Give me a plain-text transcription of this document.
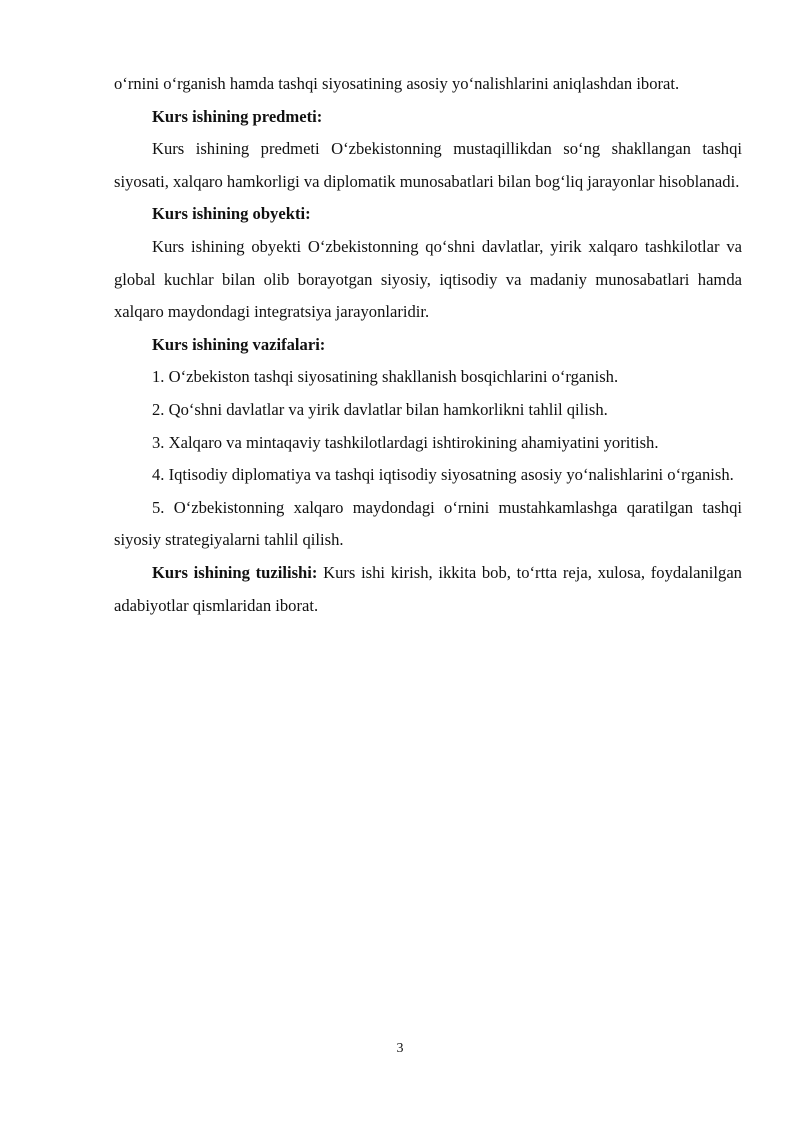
o‘rnini o‘rganish hamda tashqi siyosatining asosiy yo‘nalishlarini aniqlashdan iborat.

Kurs ishining predmeti:

Kurs ishining predmeti O‘zbekistonning mustaqillikdan so‘ng shakllangan tashqi siyosati, xalqaro hamkorligi va diplomatik munosabatlari bilan bog‘liq jarayonlar hisoblanadi.

Kurs ishining obyekti:

Kurs ishining obyekti O‘zbekistonning qo‘shni davlatlar, yirik xalqaro tashkilotlar va global kuchlar bilan olib borayotgan siyosiy, iqtisodiy va madaniy munosabatlari hamda xalqaro maydondagi integratsiya jarayonlaridir.

Kurs ishining vazifalari:

1. O‘zbekiston tashqi siyosatining shakllanish bosqichlarini o‘rganish.

2. Qo‘shni davlatlar va yirik davlatlar bilan hamkorlikni tahlil qilish.

3. Xalqaro va mintaqaviy tashkilotlardagi ishtirokining ahamiyatini yoritish.

4. Iqtisodiy diplomatiya va tashqi iqtisodiy siyosatning asosiy yo‘nalishlarini o‘rganish.

5. O‘zbekistonning xalqaro maydondagi o‘rnini mustahkamlashga qaratilgan tashqi siyosiy strategiyalarni tahlil qilish.

Kurs ishining tuzilishi: Kurs ishi kirish, ikkita bob, to‘rtta reja, xulosa, foydalanilgan adabiyotlar qismlaridan iborat.

3
